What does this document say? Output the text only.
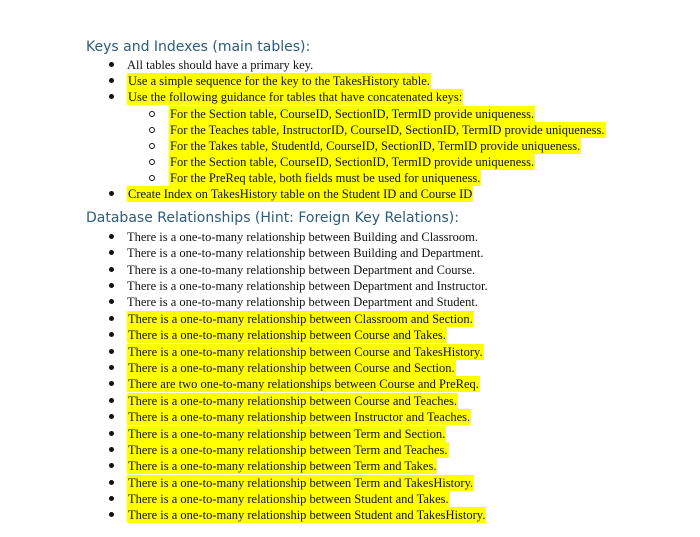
Keys and Indexes (main tables):
All tables should have a primary key.
Use a simple sequence for the key to the TakesHistory table.
Use the following guidance for tables that have concatenated keys:
For the Section table, CourseID, SectionID, TermID provide uniqueness.
For the Teaches table, InstructorID, CourseID, SectionID, TermID provide uniqueness.
For the Takes table, StudentId, CourseID, SectionID, TermID provide uniqueness.
For the Section table, CourseID, SectionID, TermID provide uniqueness.
For the PreReq table, both fields must be used for uniqueness.
Create Index on TakesHistory table on the Student ID and Course ID
Database Relationships (Hint: Foreign Key Relations):
There is a one-to-many relationship between Building and Classroom.
There is a one-to-many relationship between Building and Department.
There is a one-to-many relationship between Department and Course.
There is a one-to-many relationship between Department and Instructor.
There is a one-to-many relationship between Department and Student.
There is a one-to-many relationship between Classroom and Section.
There is a one-to-many relationship between Course and Takes.
There is a one-to-many relationship between Course and TakesHistory.
There is a one-to-many relationship between Course and Section.
There are two one-to-many relationships between Course and PreReq.
There is a one-to-many relationship between Course and Teaches.
There is a one-to-many relationship between Instructor and Teaches.
There is a one-to-many relationship between Term and Section.
There is a one-to-many relationship between Term and Teaches.
There is a one-to-many relationship between Term and Takes.
There is a one-to-many relationship between Term and TakesHistory.
There is a one-to-many relationship between Student and Takes.
There is a one-to-many relationship between Student and TakesHistory.
